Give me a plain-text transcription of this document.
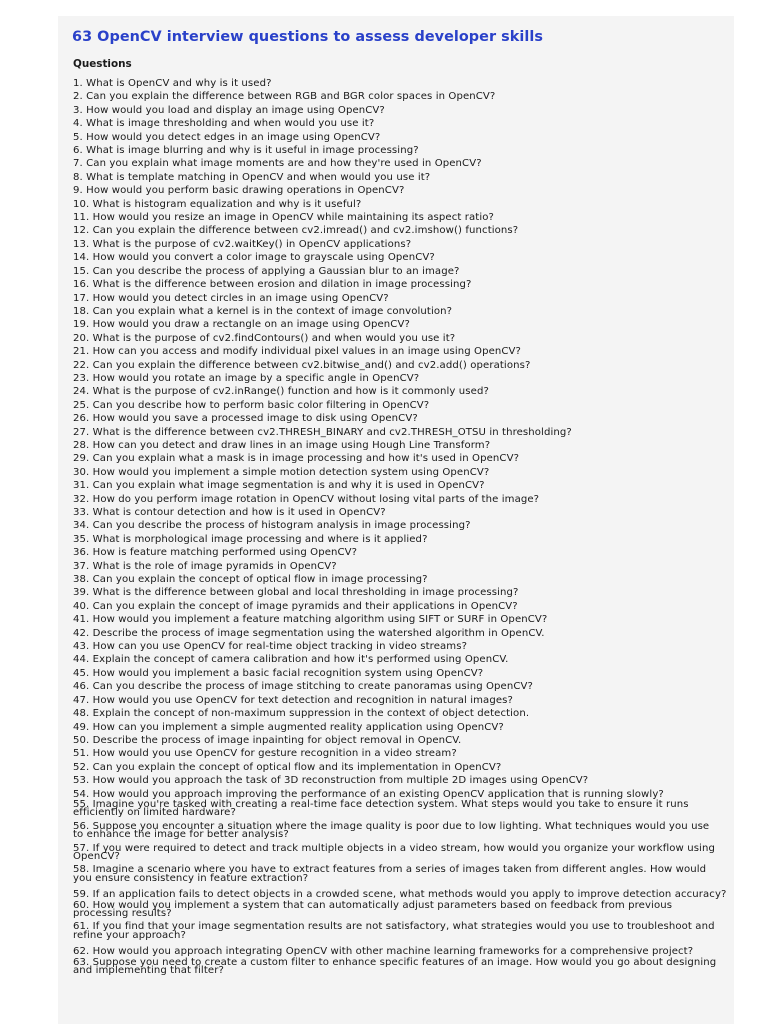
63 OpenCV interview questions to assess developer skills
Questions
1. What is OpenCV and why is it used?
2. Can you explain the difference between RGB and BGR color spaces in OpenCV?
3. How would you load and display an image using OpenCV?
4. What is image thresholding and when would you use it?
5. How would you detect edges in an image using OpenCV?
6. What is image blurring and why is it useful in image processing?
7. Can you explain what image moments are and how they're used in OpenCV?
8. What is template matching in OpenCV and when would you use it?
9. How would you perform basic drawing operations in OpenCV?
10. What is histogram equalization and why is it useful?
11. How would you resize an image in OpenCV while maintaining its aspect ratio?
12. Can you explain the difference between cv2.imread() and cv2.imshow() functions?
13. What is the purpose of cv2.waitKey() in OpenCV applications?
14. How would you convert a color image to grayscale using OpenCV?
15. Can you describe the process of applying a Gaussian blur to an image?
16. What is the difference between erosion and dilation in image processing?
17. How would you detect circles in an image using OpenCV?
18. Can you explain what a kernel is in the context of image convolution?
19. How would you draw a rectangle on an image using OpenCV?
20. What is the purpose of cv2.findContours() and when would you use it?
21. How can you access and modify individual pixel values in an image using OpenCV?
22. Can you explain the difference between cv2.bitwise_and() and cv2.add() operations?
23. How would you rotate an image by a specific angle in OpenCV?
24. What is the purpose of cv2.inRange() function and how is it commonly used?
25. Can you describe how to perform basic color filtering in OpenCV?
26. How would you save a processed image to disk using OpenCV?
27. What is the difference between cv2.THRESH_BINARY and cv2.THRESH_OTSU in thresholding?
28. How can you detect and draw lines in an image using Hough Line Transform?
29. Can you explain what a mask is in image processing and how it's used in OpenCV?
30. How would you implement a simple motion detection system using OpenCV?
31. Can you explain what image segmentation is and why it is used in OpenCV?
32. How do you perform image rotation in OpenCV without losing vital parts of the image?
33. What is contour detection and how is it used in OpenCV?
34. Can you describe the process of histogram analysis in image processing?
35. What is morphological image processing and where is it applied?
36. How is feature matching performed using OpenCV?
37. What is the role of image pyramids in OpenCV?
38. Can you explain the concept of optical flow in image processing?
39. What is the difference between global and local thresholding in image processing?
40. Can you explain the concept of image pyramids and their applications in OpenCV?
41. How would you implement a feature matching algorithm using SIFT or SURF in OpenCV?
42. Describe the process of image segmentation using the watershed algorithm in OpenCV.
43. How can you use OpenCV for real-time object tracking in video streams?
44. Explain the concept of camera calibration and how it's performed using OpenCV.
45. How would you implement a basic facial recognition system using OpenCV?
46. Can you describe the process of image stitching to create panoramas using OpenCV?
47. How would you use OpenCV for text detection and recognition in natural images?
48. Explain the concept of non-maximum suppression in the context of object detection.
49. How can you implement a simple augmented reality application using OpenCV?
50. Describe the process of image inpainting for object removal in OpenCV.
51. How would you use OpenCV for gesture recognition in a video stream?
52. Can you explain the concept of optical flow and its implementation in OpenCV?
53. How would you approach the task of 3D reconstruction from multiple 2D images using OpenCV?
54. How would you approach improving the performance of an existing OpenCV application that is running slowly?
55. Imagine you're tasked with creating a real-time face detection system. What steps would you take to ensure it runs efficiently on limited hardware?
56. Suppose you encounter a situation where the image quality is poor due to low lighting. What techniques would you use to enhance the image for better analysis?
57. If you were required to detect and track multiple objects in a video stream, how would you organize your workflow using OpenCV?
58. Imagine a scenario where you have to extract features from a series of images taken from different angles. How would you ensure consistency in feature extraction?
59. If an application fails to detect objects in a crowded scene, what methods would you apply to improve detection accuracy?
60. How would you implement a system that can automatically adjust parameters based on feedback from previous processing results?
61. If you find that your image segmentation results are not satisfactory, what strategies would you use to troubleshoot and refine your approach?
62. How would you approach integrating OpenCV with other machine learning frameworks for a comprehensive project?
63. Suppose you need to create a custom filter to enhance specific features of an image. How would you go about designing and implementing that filter?
